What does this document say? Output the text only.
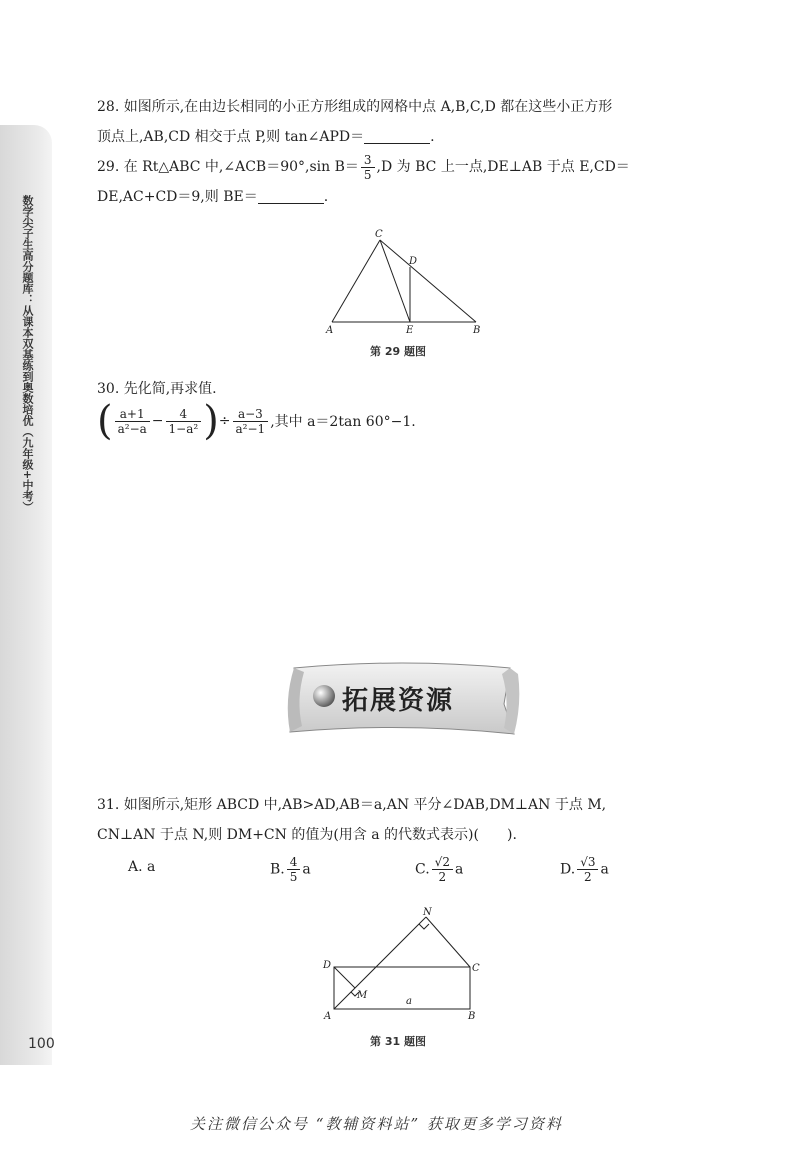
数学尖子生高分题库：从课本双基练到奥数培优（九年级+中考）
100
28. 如图所示,在由边长相同的小正方形组成的网格中点 A,B,C,D 都在这些小正方形
顶点上,AB,CD 相交于点 P,则 tan∠APD＝	.
29. 在 Rt△ABC 中,∠ACB＝90°,sin $B= \frac{3}{5} ,D$ 为 BC 上一点,DE⊥AB 于点 E,CD＝
DE,AC+CD＝9,则 BE＝	.
C
D
A	E	B
第 29 题图
30. 先化简,再求值.
( $\frac{a+1}{\text{a²−a}} - \frac{4}{\text{1−a²}}$ )÷ $\frac{a-3}{\text{a²−1}}$ ,其中 a＝2tan 60°−1.
拓展资源
31. 如图所示,矩形 ABCD 中,AB>AD,AB＝a,AN 平分∠DAB,DM⊥AN 于点 M,
CN⊥AN 于点 N,则 DM+CN 的值为(用含 a 的代数式表示)(　　).
A. a	B. $\frac{4}{5}$ a	C. $\frac{√2}{2}$ a	D. $\frac{√3}{2}$ a
N
D	C
M
a
A	B
第 31 题图
关注微信公众号 “教辅资料站” 获取更多学习资料
